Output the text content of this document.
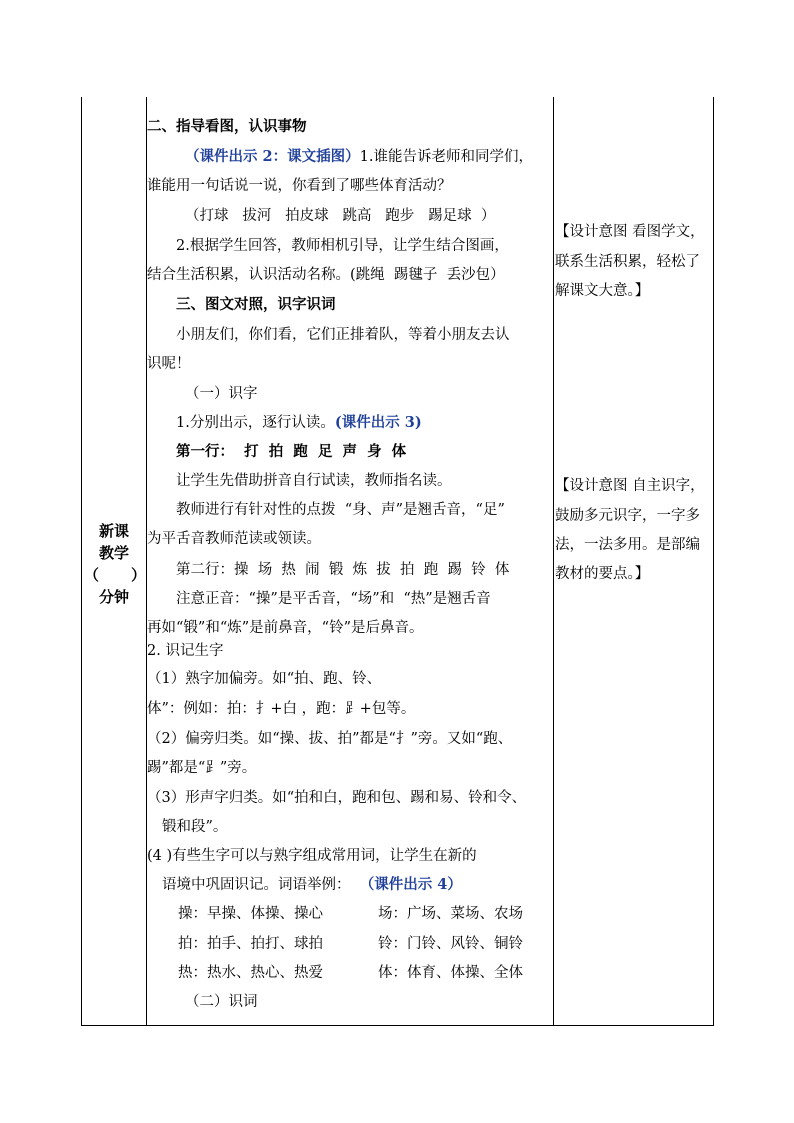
新课
教学
（ ）
分钟
二、指导看图，认识事物
（课件出示 2：课文插图）1.谁能告诉老师和同学们，
谁能用一句话说一说，你看到了哪些体育活动？
（打球   拔河   拍皮球   跳高   跑步   踢足球  ）
2.根据学生回答，教师相机引导，让学生结合图画，
结合生活积累，认识活动名称。(跳绳  踢毽子  丢沙包）
三、图文对照，识字识词
小朋友们，你们看，它们正排着队，等着小朋友去认
识呢！
（一）识字
1.分别出示，逐行认读。(课件出示 3)
第一行：  打  拍  跑  足  声  身  体
让学生先借助拼音自行试读，教师指名读。
教师进行有针对性的点拨  “身、声”是翘舌音，“足”
为平舌音教师范读或领读。
第二行：操  场  热  闹  锻  炼  拔  拍  跑  踢  铃  体
注意正音：“操”是平舌音，“场”和  “热”是翘舌音
再如“锻”和“炼”是前鼻音，“铃”是后鼻音。
2. 识记生字
（1）熟字加偏旁。如“拍、跑、铃、
体”：例如：拍：扌+白 ，跑：⻊+包等。
（2）偏旁归类。如“操、拔、拍”都是“扌”旁。又如“跑、
踢”都是“⻊”旁。
（3）形声字归类。如“拍和白，跑和包、踢和易、铃和令、
锻和段”。
(4 )有些生字可以与熟字组成常用词，让学生在新的
语境中巩固识记。词语举例：  （课件出示 4）
操：早操、体操、操心	场：广场、菜场、农场
拍：拍手、拍打、球拍	铃：门铃、风铃、铜铃
热：热水、热心、热爱	体：体育、体操、全体
（二）识词
【设计意图 看图学文，
联系生活积累，轻松了
解课文大意。】
【设计意图 自主识字，
鼓励多元识字，一字多
法，一法多用。是部编
教材的要点。】
